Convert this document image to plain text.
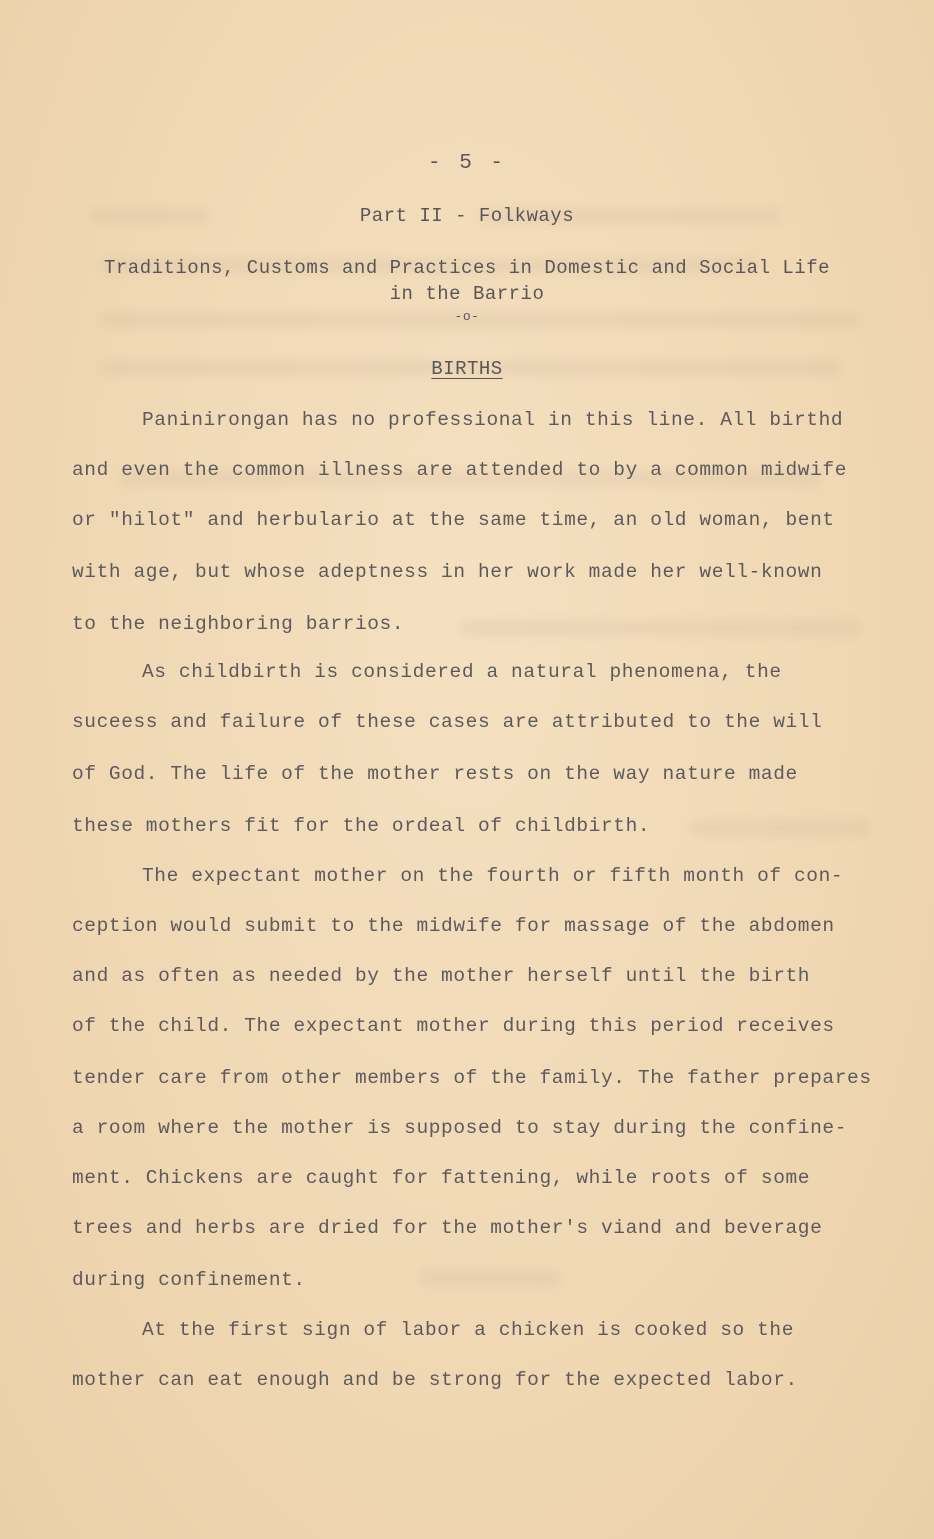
- 5 -
Part II - Folkways
Traditions, Customs and Practices in Domestic and Social Life
in the Barrio
-o-
BIRTHS
Paninirongan has no professional in this line. All birthd
and even the common illness are attended to by a common midwife
or "hilot" and herbulario at the same time, an old woman, bent
with age, but whose adeptness in her work made her well-known
to the neighboring barrios.
As childbirth is considered a natural phenomena, the
suceess and failure of these cases are attributed to the will
of God. The life of the mother rests on the way nature made
these mothers fit for the ordeal of childbirth.
The expectant mother on the fourth or fifth month of con-
ception would submit to the midwife for massage of the abdomen
and as often as needed by the mother herself until the birth
of the child. The expectant mother during this period receives
tender care from other members of the family. The father prepares
a room where the mother is supposed to stay during the confine-
ment. Chickens are caught for fattening, while roots of some
trees and herbs are dried for the mother's viand and beverage
during confinement.
At the first sign of labor a chicken is cooked so the
mother can eat enough and be strong for the expected labor.
